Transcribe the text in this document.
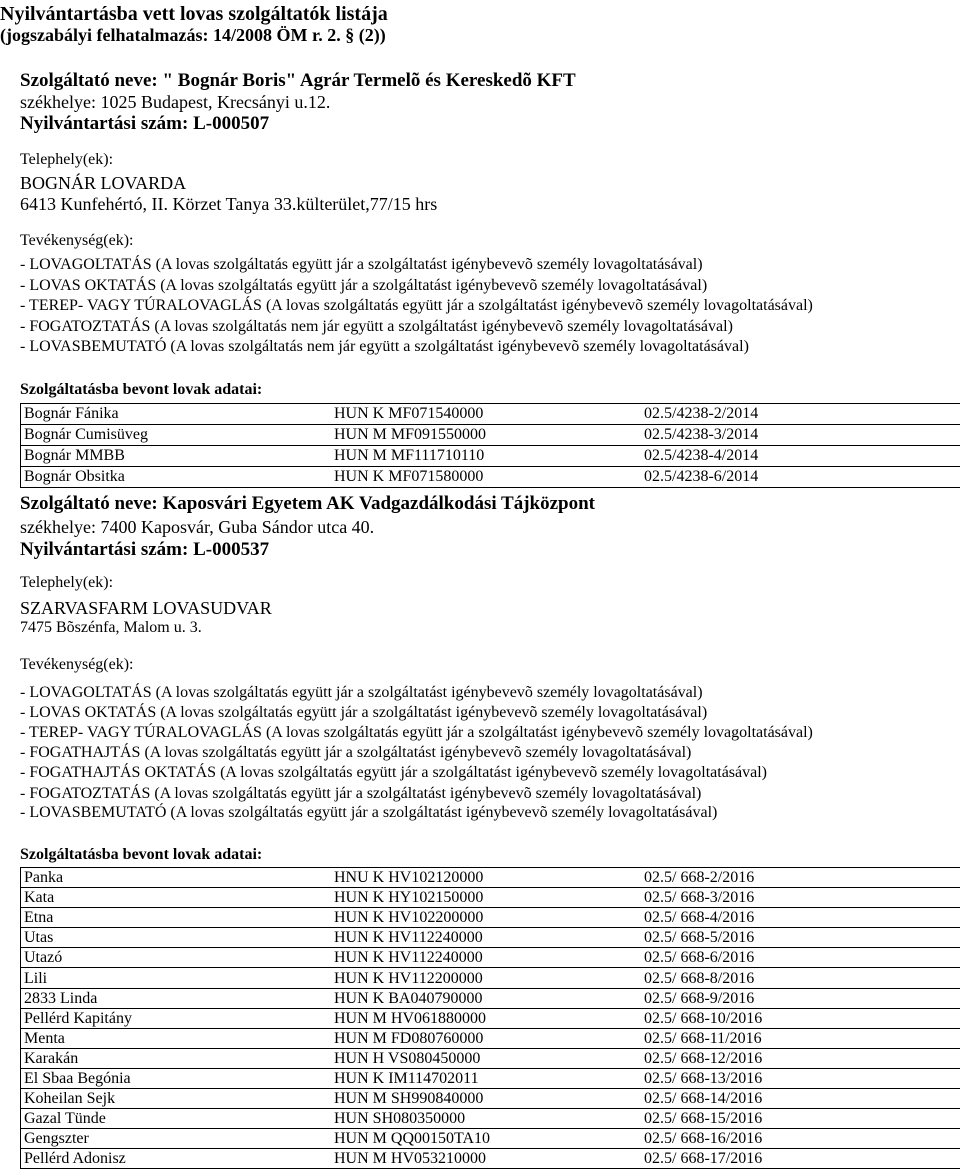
Nyilvántartásba vett lovas szolgáltatók listája
(jogszabályi felhatalmazás: 14/2008 ÖM r. 2. § (2))
Szolgáltató neve: " Bognár Boris" Agrár Termelõ és Kereskedõ KFT
székhelye: 1025 Budapest, Krecsányi u.12.
Nyilvántartási szám: L-000507
Telephely(ek):
BOGNÁR LOVARDA
6413 Kunfehértó, II. Körzet Tanya 33.külterület,77/15 hrs
Tevékenység(ek):
- LOVAGOLTATÁS (A lovas szolgáltatás együtt jár a szolgáltatást igénybevevõ személy lovagoltatásával)
- LOVAS OKTATÁS (A lovas szolgáltatás együtt jár a szolgáltatást igénybevevõ személy lovagoltatásával)
- TEREP- VAGY TÚRALOVAGLÁS (A lovas szolgáltatás együtt jár a szolgáltatást igénybevevõ személy lovagoltatásával)
- FOGATOZTATÁS (A lovas szolgáltatás nem jár együtt a szolgáltatást igénybevevõ személy lovagoltatásával)
- LOVASBEMUTATÓ (A lovas szolgáltatás nem jár együtt a szolgáltatást igénybevevõ személy lovagoltatásával)
Szolgáltatásba bevont lovak adatai:
Bognár Fánika	HUN K MF071540000	02.5/4238-2/2014
Bognár Cumisüveg	HUN M MF091550000	02.5/4238-3/2014
Bognár MMBB	HUN M MF111710110	02.5/4238-4/2014
Bognár Obsitka	HUN K MF071580000	02.5/4238-6/2014
Szolgáltató neve: Kaposvári Egyetem AK Vadgazdálkodási Tájközpont
székhelye: 7400 Kaposvár, Guba Sándor utca 40.
Nyilvántartási szám: L-000537
Telephely(ek):
SZARVASFARM LOVASUDVAR
7475 Bõszénfa, Malom u. 3.
Tevékenység(ek):
- LOVAGOLTATÁS (A lovas szolgáltatás együtt jár a szolgáltatást igénybevevõ személy lovagoltatásával)
- LOVAS OKTATÁS (A lovas szolgáltatás együtt jár a szolgáltatást igénybevevõ személy lovagoltatásával)
- TEREP- VAGY TÚRALOVAGLÁS (A lovas szolgáltatás együtt jár a szolgáltatást igénybevevõ személy lovagoltatásával)
- FOGATHAJTÁS (A lovas szolgáltatás együtt jár a szolgáltatást igénybevevõ személy lovagoltatásával)
- FOGATHAJTÁS OKTATÁS (A lovas szolgáltatás együtt jár a szolgáltatást igénybevevõ személy lovagoltatásával)
- FOGATOZTATÁS (A lovas szolgáltatás együtt jár a szolgáltatást igénybevevõ személy lovagoltatásával)
- LOVASBEMUTATÓ (A lovas szolgáltatás együtt jár a szolgáltatást igénybevevõ személy lovagoltatásával)
Szolgáltatásba bevont lovak adatai:
Panka	HNU K HV102120000	02.5/ 668-2/2016
Kata	HUN K HY102150000	02.5/ 668-3/2016
Etna	HUN K HV102200000	02.5/ 668-4/2016
Utas	HUN K HV112240000	02.5/ 668-5/2016
Utazó	HUN K HV112240000	02.5/ 668-6/2016
Lili	HUN K HV112200000	02.5/ 668-8/2016
2833 Linda	HUN K BA040790000	02.5/ 668-9/2016
Pellérd Kapitány	HUN M HV061880000	02.5/ 668-10/2016
Menta	HUN M FD080760000	02.5/ 668-11/2016
Karakán	HUN H VS080450000	02.5/ 668-12/2016
El Sbaa Begónia	HUN K IM114702011	02.5/ 668-13/2016
Koheilan Sejk	HUN M SH990840000	02.5/ 668-14/2016
Gazal Tünde	HUN SH080350000	02.5/ 668-15/2016
Gengszter	HUN M QQ00150TA10	02.5/ 668-16/2016
Pellérd Adonisz	HUN M HV053210000	02.5/ 668-17/2016
